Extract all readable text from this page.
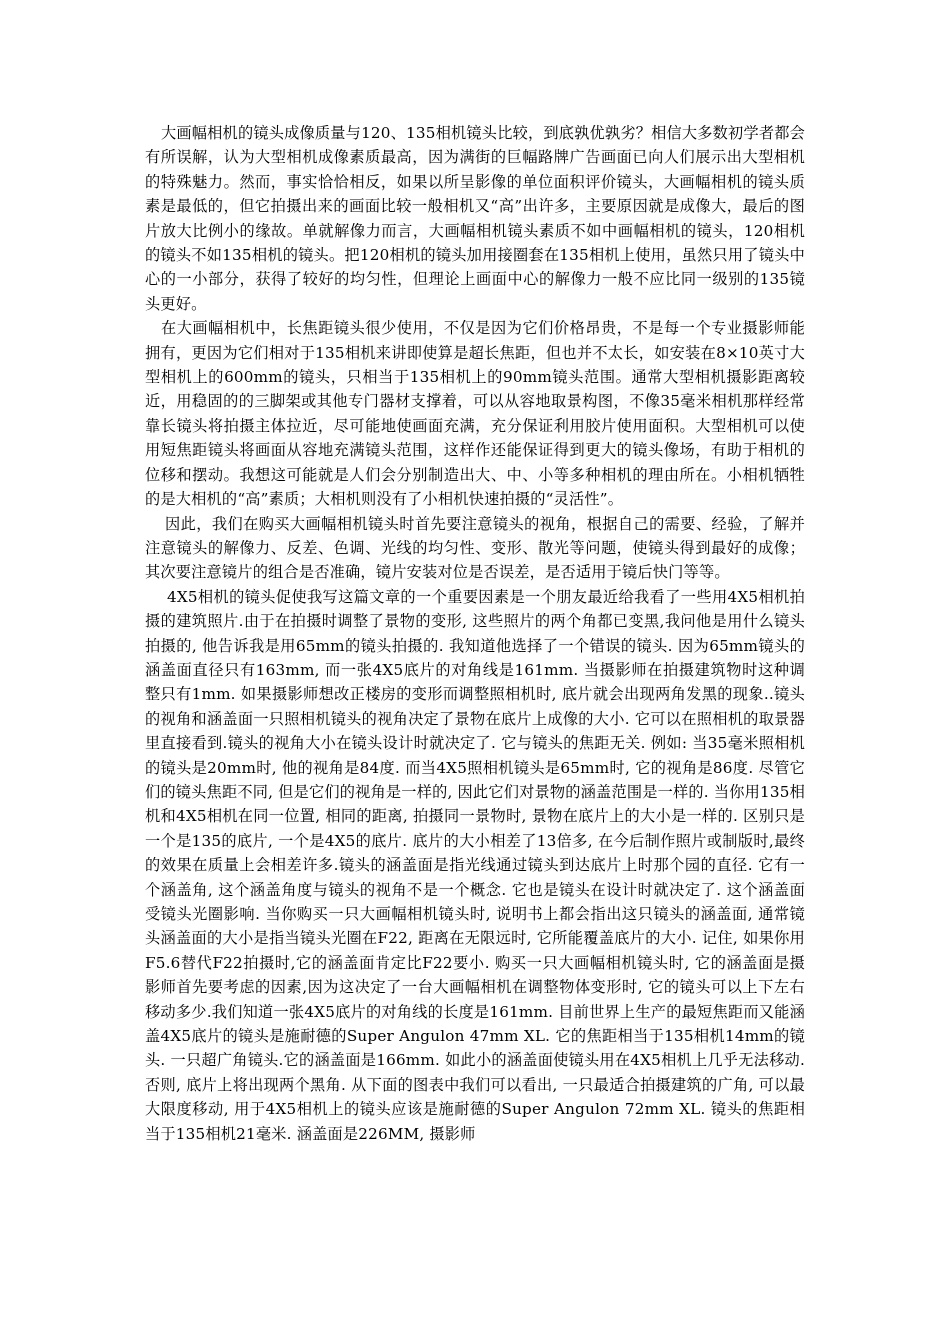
大画幅相机的镜头成像质量与120、135相机镜头比较，到底孰优孰劣？相信大多数初学者都会有所误解，认为大型相机成像素质最高，因为满街的巨幅路牌广告画面已向人们展示出大型相机的特殊魅力。然而，事实恰恰相反，如果以所呈影像的单位面积评价镜头，大画幅相机的镜头质素是最低的，但它拍摄出来的画面比较一般相机又“高”出许多，主要原因就是成像大，最后的图片放大比例小的缘故。单就解像力而言，大画幅相机镜头素质不如中画幅相机的镜头，120相机的镜头不如135相机的镜头。把120相机的镜头加用接圈套在135相机上使用，虽然只用了镜头中心的一小部分，获得了较好的均匀性，但理论上画面中心的解像力一般不应比同一级别的135镜头更好。

在大画幅相机中，长焦距镜头很少使用，不仅是因为它们价格昂贵，不是每一个专业摄影师能拥有，更因为它们相对于135相机来讲即使算是超长焦距，但也并不太长，如安装在8×10英寸大型相机上的600mm的镜头，只相当于135相机上的90mm镜头范围。通常大型相机摄影距离较近，用稳固的的三脚架或其他专门器材支撑着，可以从容地取景构图，不像35毫米相机那样经常靠长镜头将拍摄主体拉近，尽可能地使画面充满，充分保证利用胶片使用面积。大型相机可以使用短焦距镜头将画面从容地充满镜头范围，这样作还能保证得到更大的镜头像场，有助于相机的位移和摆动。我想这可能就是人们会分别制造出大、中、小等多种相机的理由所在。小相机牺牲的是大相机的“高”素质；大相机则没有了小相机快速拍摄的“灵活性”。

因此，我们在购买大画幅相机镜头时首先要注意镜头的视角，根据自己的需要、经验，了解并注意镜头的解像力、反差、色调、光线的均匀性、变形、散光等问题，使镜头得到最好的成像；其次要注意镜片的组合是否准确，镜片安装对位是否误差，是否适用于镜后快门等等。

4X5相机的镜头促使我写这篇文章的一个重要因素是一个朋友最近给我看了一些用4X5相机拍摄的建筑照片.由于在拍摄时调整了景物的变形, 这些照片的两个角都已变黑,我问他是用什么镜头拍摄的, 他告诉我是用65mm的镜头拍摄的. 我知道他选择了一个错误的镜头. 因为65mm镜头的涵盖面直径只有163mm, 而一张4X5底片的对角线是161mm. 当摄影师在拍摄建筑物时这种调整只有1mm. 如果摄影师想改正楼房的变形而调整照相机时, 底片就会出现两角发黑的现象..镜头的视角和涵盖面一只照相机镜头的视角决定了景物在底片上成像的大小. 它可以在照相机的取景器里直接看到.镜头的视角大小在镜头设计时就决定了. 它与镜头的焦距无关. 例如: 当35毫米照相机的镜头是20mm时, 他的视角是84度. 而当4X5照相机镜头是65mm时, 它的视角是86度. 尽管它们的镜头焦距不同, 但是它们的视角是一样的, 因此它们对景物的涵盖范围是一样的. 当你用135相机和4X5相机在同一位置, 相同的距离, 拍摄同一景物时, 景物在底片上的大小是一样的. 区别只是一个是135的底片, 一个是4X5的底片. 底片的大小相差了13倍多, 在今后制作照片或制版时,最终的效果在质量上会相差许多.镜头的涵盖面是指光线通过镜头到达底片上时那个园的直径. 它有一个涵盖角, 这个涵盖角度与镜头的视角不是一个概念. 它也是镜头在设计时就决定了. 这个涵盖面受镜头光圈影响. 当你购买一只大画幅相机镜头时, 说明书上都会指出这只镜头的涵盖面, 通常镜头涵盖面的大小是指当镜头光圈在F22, 距离在无限远时, 它所能覆盖底片的大小. 记住, 如果你用F5.6替代F22拍摄时,它的涵盖面肯定比F22要小. 购买一只大画幅相机镜头时, 它的涵盖面是摄影师首先要考虑的因素,因为这决定了一台大画幅相机在调整物体变形时, 它的镜头可以上下左右移动多少.我们知道一张4X5底片的对角线的长度是161mm. 目前世界上生产的最短焦距而又能涵盖4X5底片的镜头是施耐德的Super Angulon 47mm XL. 它的焦距相当于135相机14mm的镜头. 一只超广角镜头.它的涵盖面是166mm. 如此小的涵盖面使镜头用在4X5相机上几乎无法移动. 否则, 底片上将出现两个黑角. 从下面的图表中我们可以看出, 一只最适合拍摄建筑的广角, 可以最大限度移动, 用于4X5相机上的镜头应该是施耐德的Super Angulon 72mm XL. 镜头的焦距相当于135相机21毫米. 涵盖面是226MM, 摄影师
